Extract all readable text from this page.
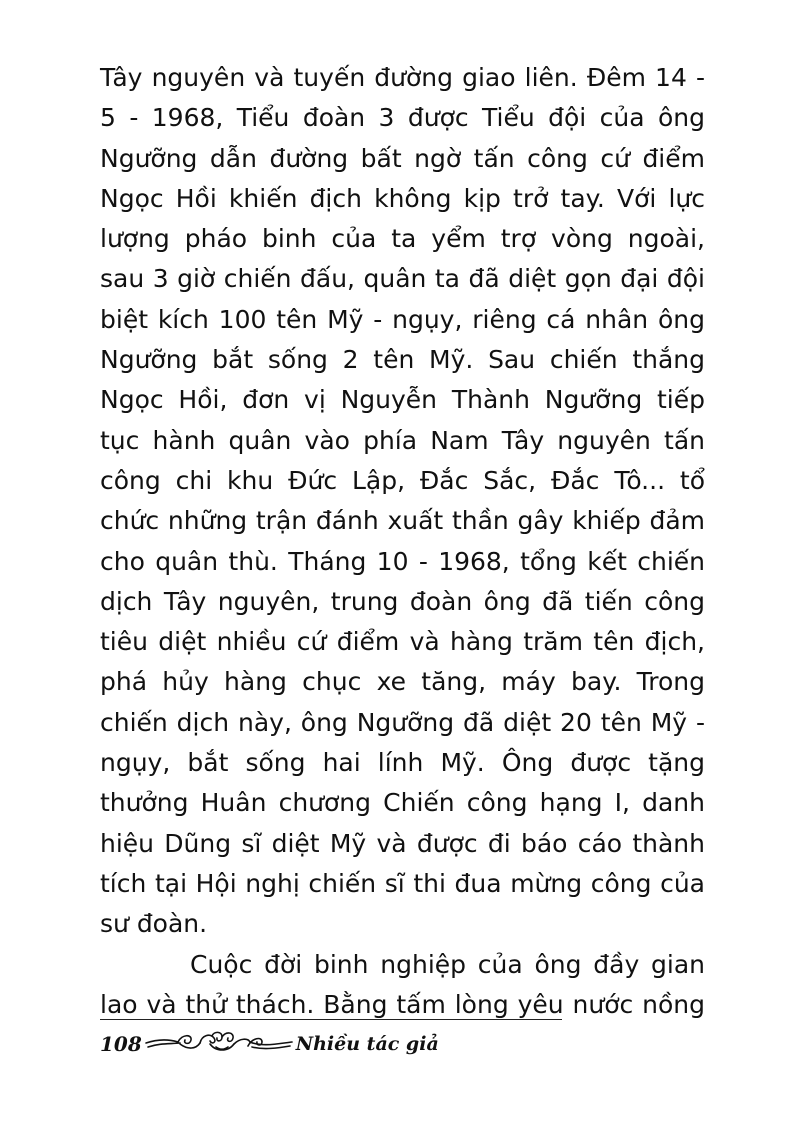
Tây nguyên và tuyến đường giao liên. Đêm 14 -
5 - 1968, Tiểu đoàn 3 được Tiểu đội của ông
Ngưỡng dẫn đường bất ngờ tấn công cứ điểm
Ngọc Hồi khiến địch không kịp trở tay. Với lực
lượng pháo binh của ta yểm trợ vòng ngoài,
sau 3 giờ chiến đấu, quân ta đã diệt gọn đại đội
biệt kích 100 tên Mỹ - ngụy, riêng cá nhân ông
Ngưỡng bắt sống 2 tên Mỹ. Sau chiến thắng
Ngọc Hồi, đơn vị Nguyễn Thành Ngưỡng tiếp
tục hành quân vào phía Nam Tây nguyên tấn
công chi khu Đức Lập, Đắc Sắc, Đắc Tô... tổ
chức những trận đánh xuất thần gây khiếp đảm
cho quân thù. Tháng 10 - 1968, tổng kết chiến
dịch Tây nguyên, trung đoàn ông đã tiến công
tiêu diệt nhiều cứ điểm và hàng trăm tên địch,
phá hủy hàng chục xe tăng, máy bay. Trong
chiến dịch này, ông Ngưỡng đã diệt 20 tên Mỹ -
ngụy, bắt sống hai lính Mỹ. Ông được tặng
thưởng Huân chương Chiến công hạng I, danh
hiệu Dũng sĩ diệt Mỹ và được đi báo cáo thành
tích tại Hội nghị chiến sĩ thi đua mừng công của
sư đoàn.
Cuộc đời binh nghiệp của ông đầy gian
lao và thử thách. Bằng tấm lòng yêu nước nồng
108	Nhiều tác giả
